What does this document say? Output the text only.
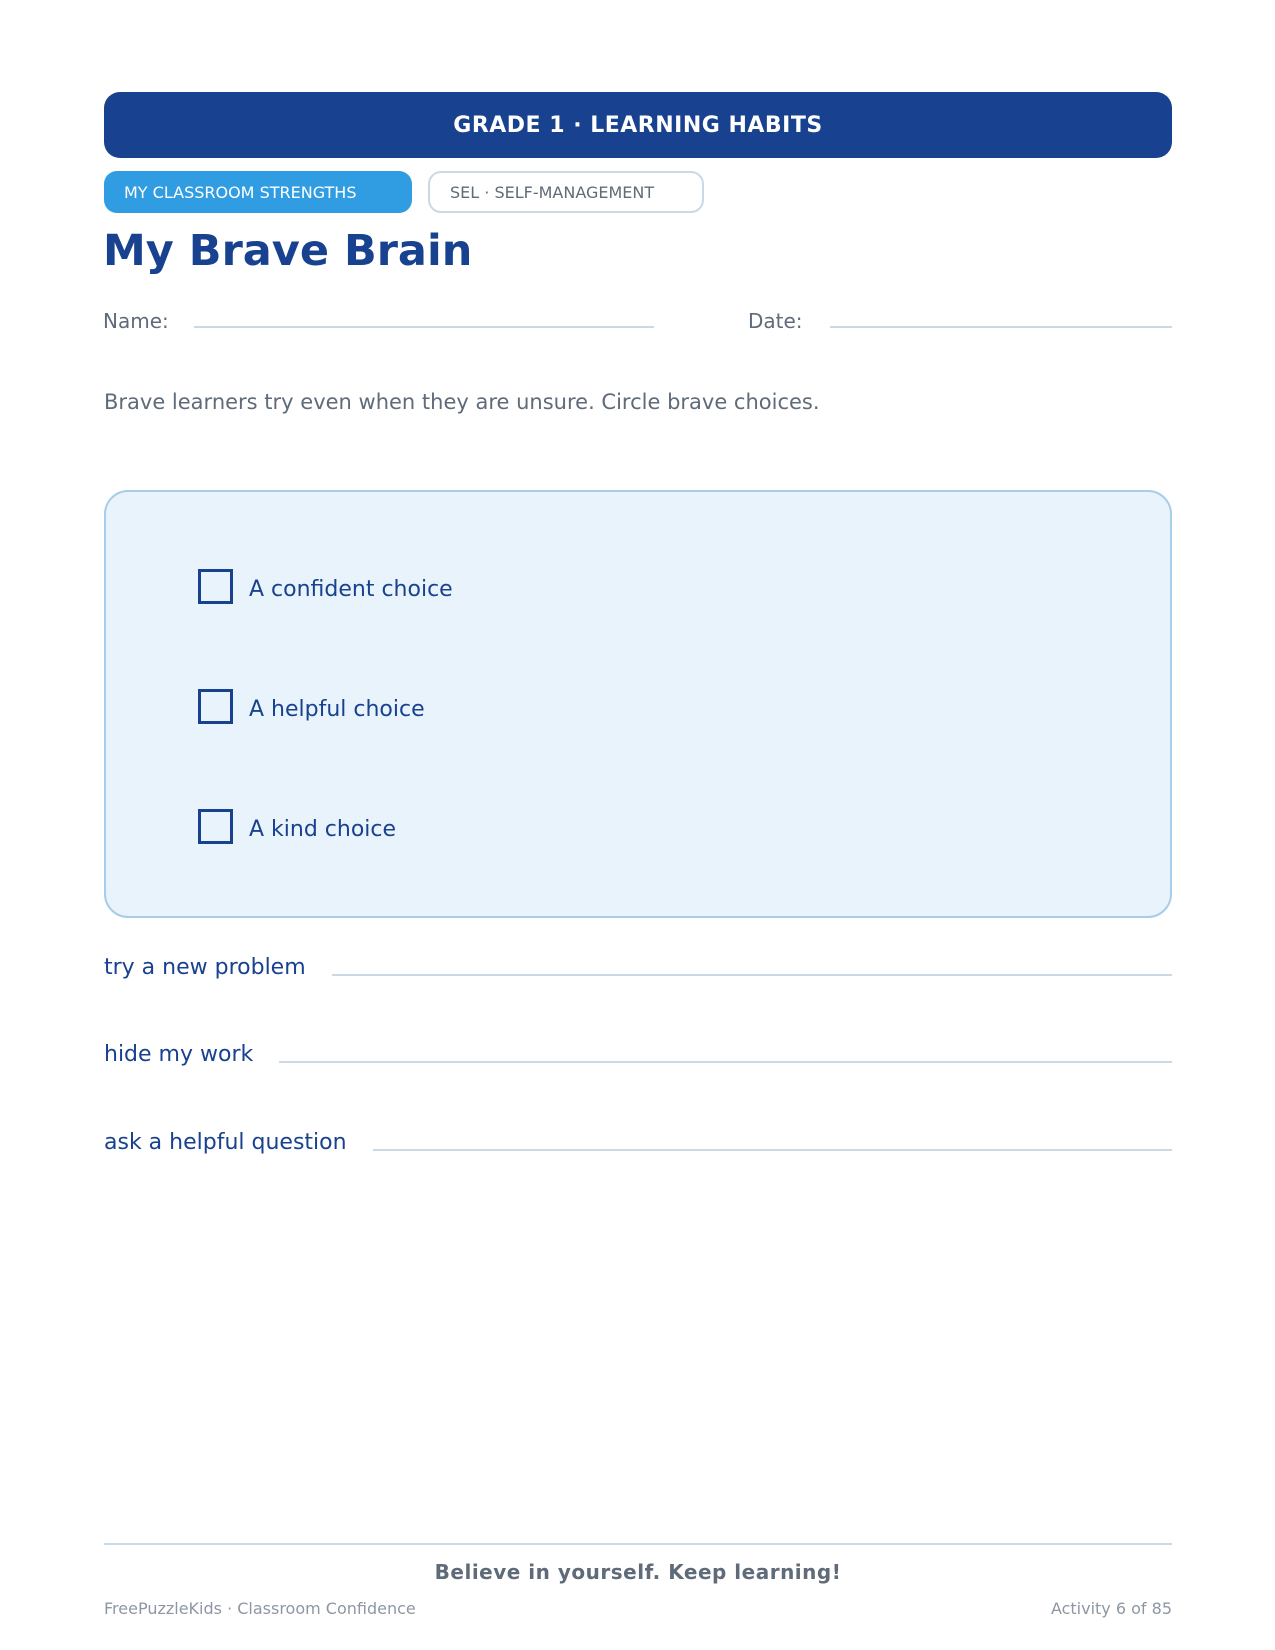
GRADE 1 · LEARNING HABITS
MY CLASSROOM STRENGTHS	SEL · SELF-MANAGEMENT
My Brave Brain
Name:	Date:
Brave learners try even when they are unsure. Circle brave choices.
A confident choice
A helpful choice
A kind choice
try a new problem
hide my work
ask a helpful question
Believe in yourself. Keep learning!
FreePuzzleKids · Classroom Confidence	Activity 6 of 85
